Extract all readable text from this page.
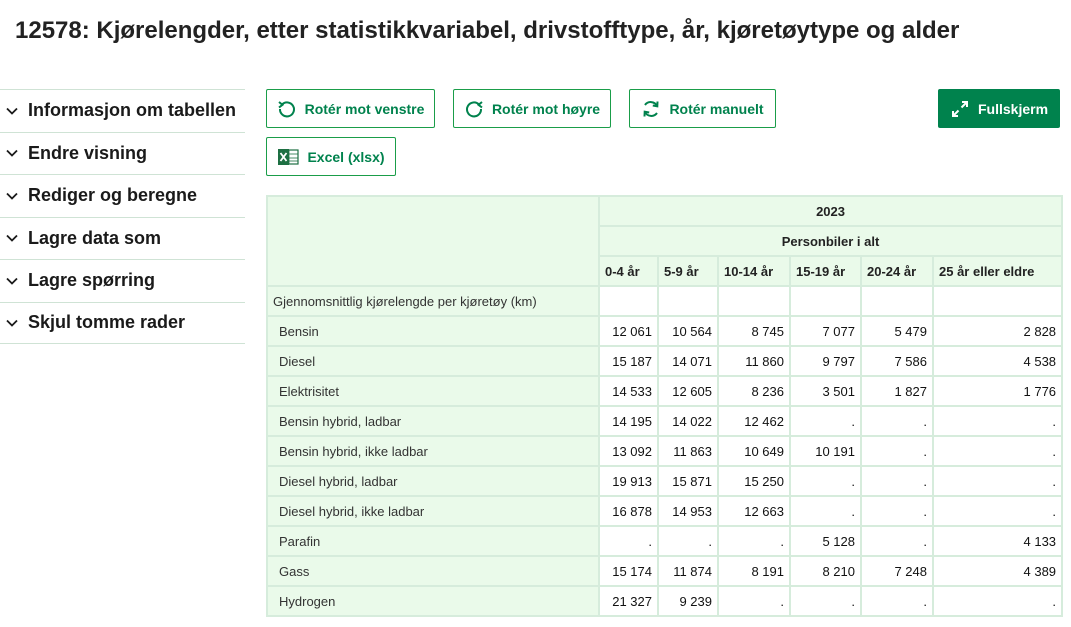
12578: Kjørelengder, etter statistikkvariabel, drivstofftype, år, kjøretøytype og alder
Informasjon om tabellen
Endre visning
Rediger og beregne
Lagre data som
Lagre spørring
Skjul tomme rader
Rotér mot venstre	Rotér mot høyre	Rotér manuelt	Fullskjerm
Excel (xlsx)
	2023					
	Personbiler i alt					
	0-4 år	5-9 år	10-14 år	15-19 år	20-24 år	25 år eller eldre
Gjennomsnittlig kjørelengde per kjøretøy (km)						
Bensin	12 061	10 564	8 745	7 077	5 479	2 828
Diesel	15 187	14 071	11 860	9 797	7 586	4 538
Elektrisitet	14 533	12 605	8 236	3 501	1 827	1 776
Bensin hybrid, ladbar	14 195	14 022	12 462	.	.	.
Bensin hybrid, ikke ladbar	13 092	11 863	10 649	10 191	.	.
Diesel hybrid, ladbar	19 913	15 871	15 250	.	.	.
Diesel hybrid, ikke ladbar	16 878	14 953	12 663	.	.	.
Parafin	.	.	.	5 128	.	4 133
Gass	15 174	11 874	8 191	8 210	7 248	4 389
Hydrogen	21 327	9 239	.	.	.	.
